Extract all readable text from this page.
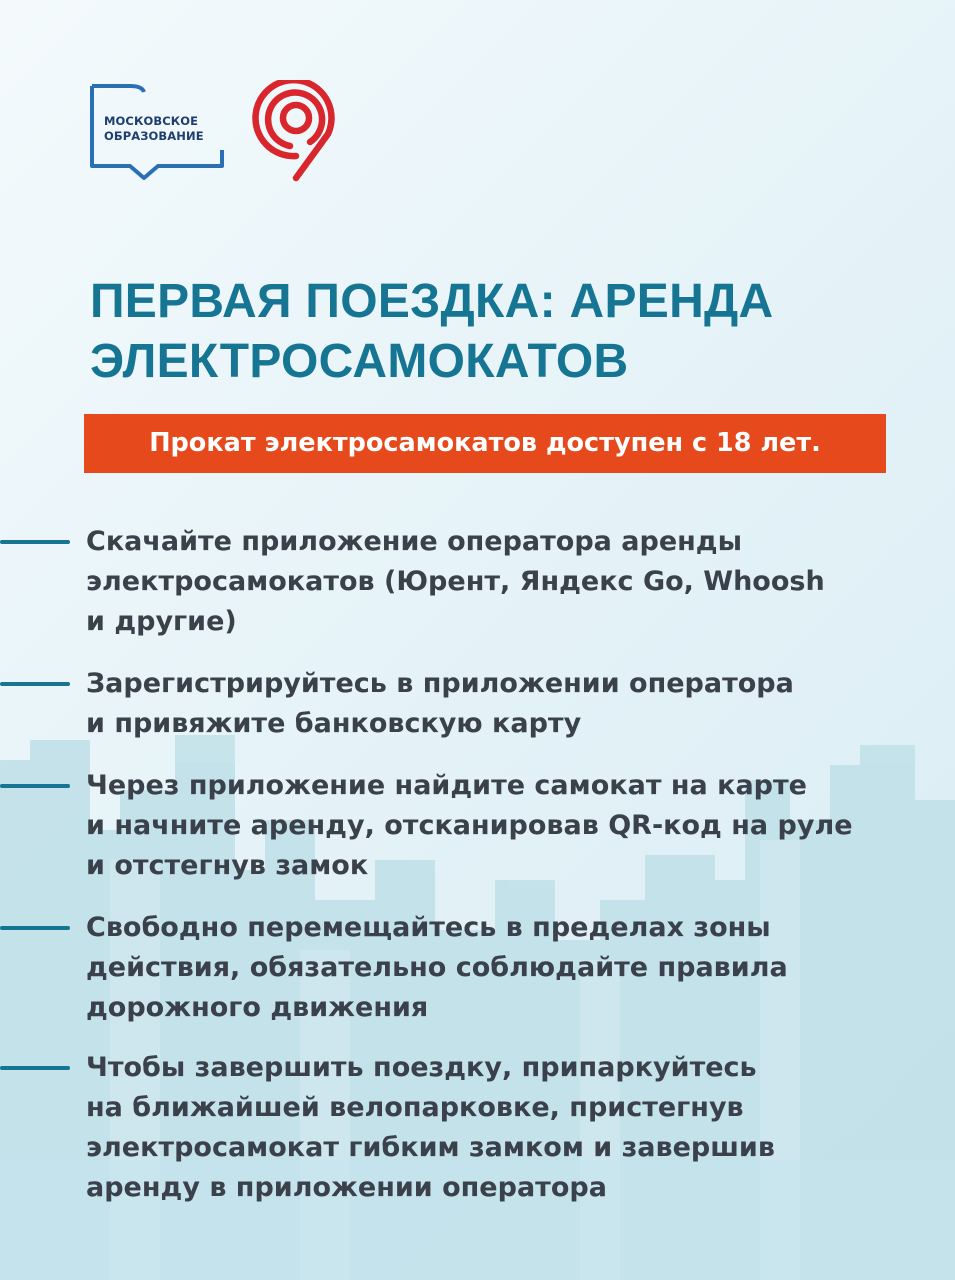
МОСКОВСКОЕ
ОБРАЗОВАНИЕ
ПЕРВАЯ ПОЕЗДКА: АРЕНДА
ЭЛЕКТРОСАМОКАТОВ
Прокат электросамокатов доступен с 18 лет.
Скачайте приложение оператора аренды
электросамокатов (Юрент, Яндекс Go, Whoosh
и другие)
Зарегистрируйтесь в приложении оператора
и привяжите банковскую карту
Через приложение найдите самокат на карте
и начните аренду, отсканировав QR-код на руле
и отстегнув замок
Свободно перемещайтесь в пределах зоны
действия, обязательно соблюдайте правила
дорожного движения
Чтобы завершить поездку, припаркуйтесь
на ближайшей велопарковке, пристегнув
электросамокат гибким замком и завершив
аренду в приложении оператора
